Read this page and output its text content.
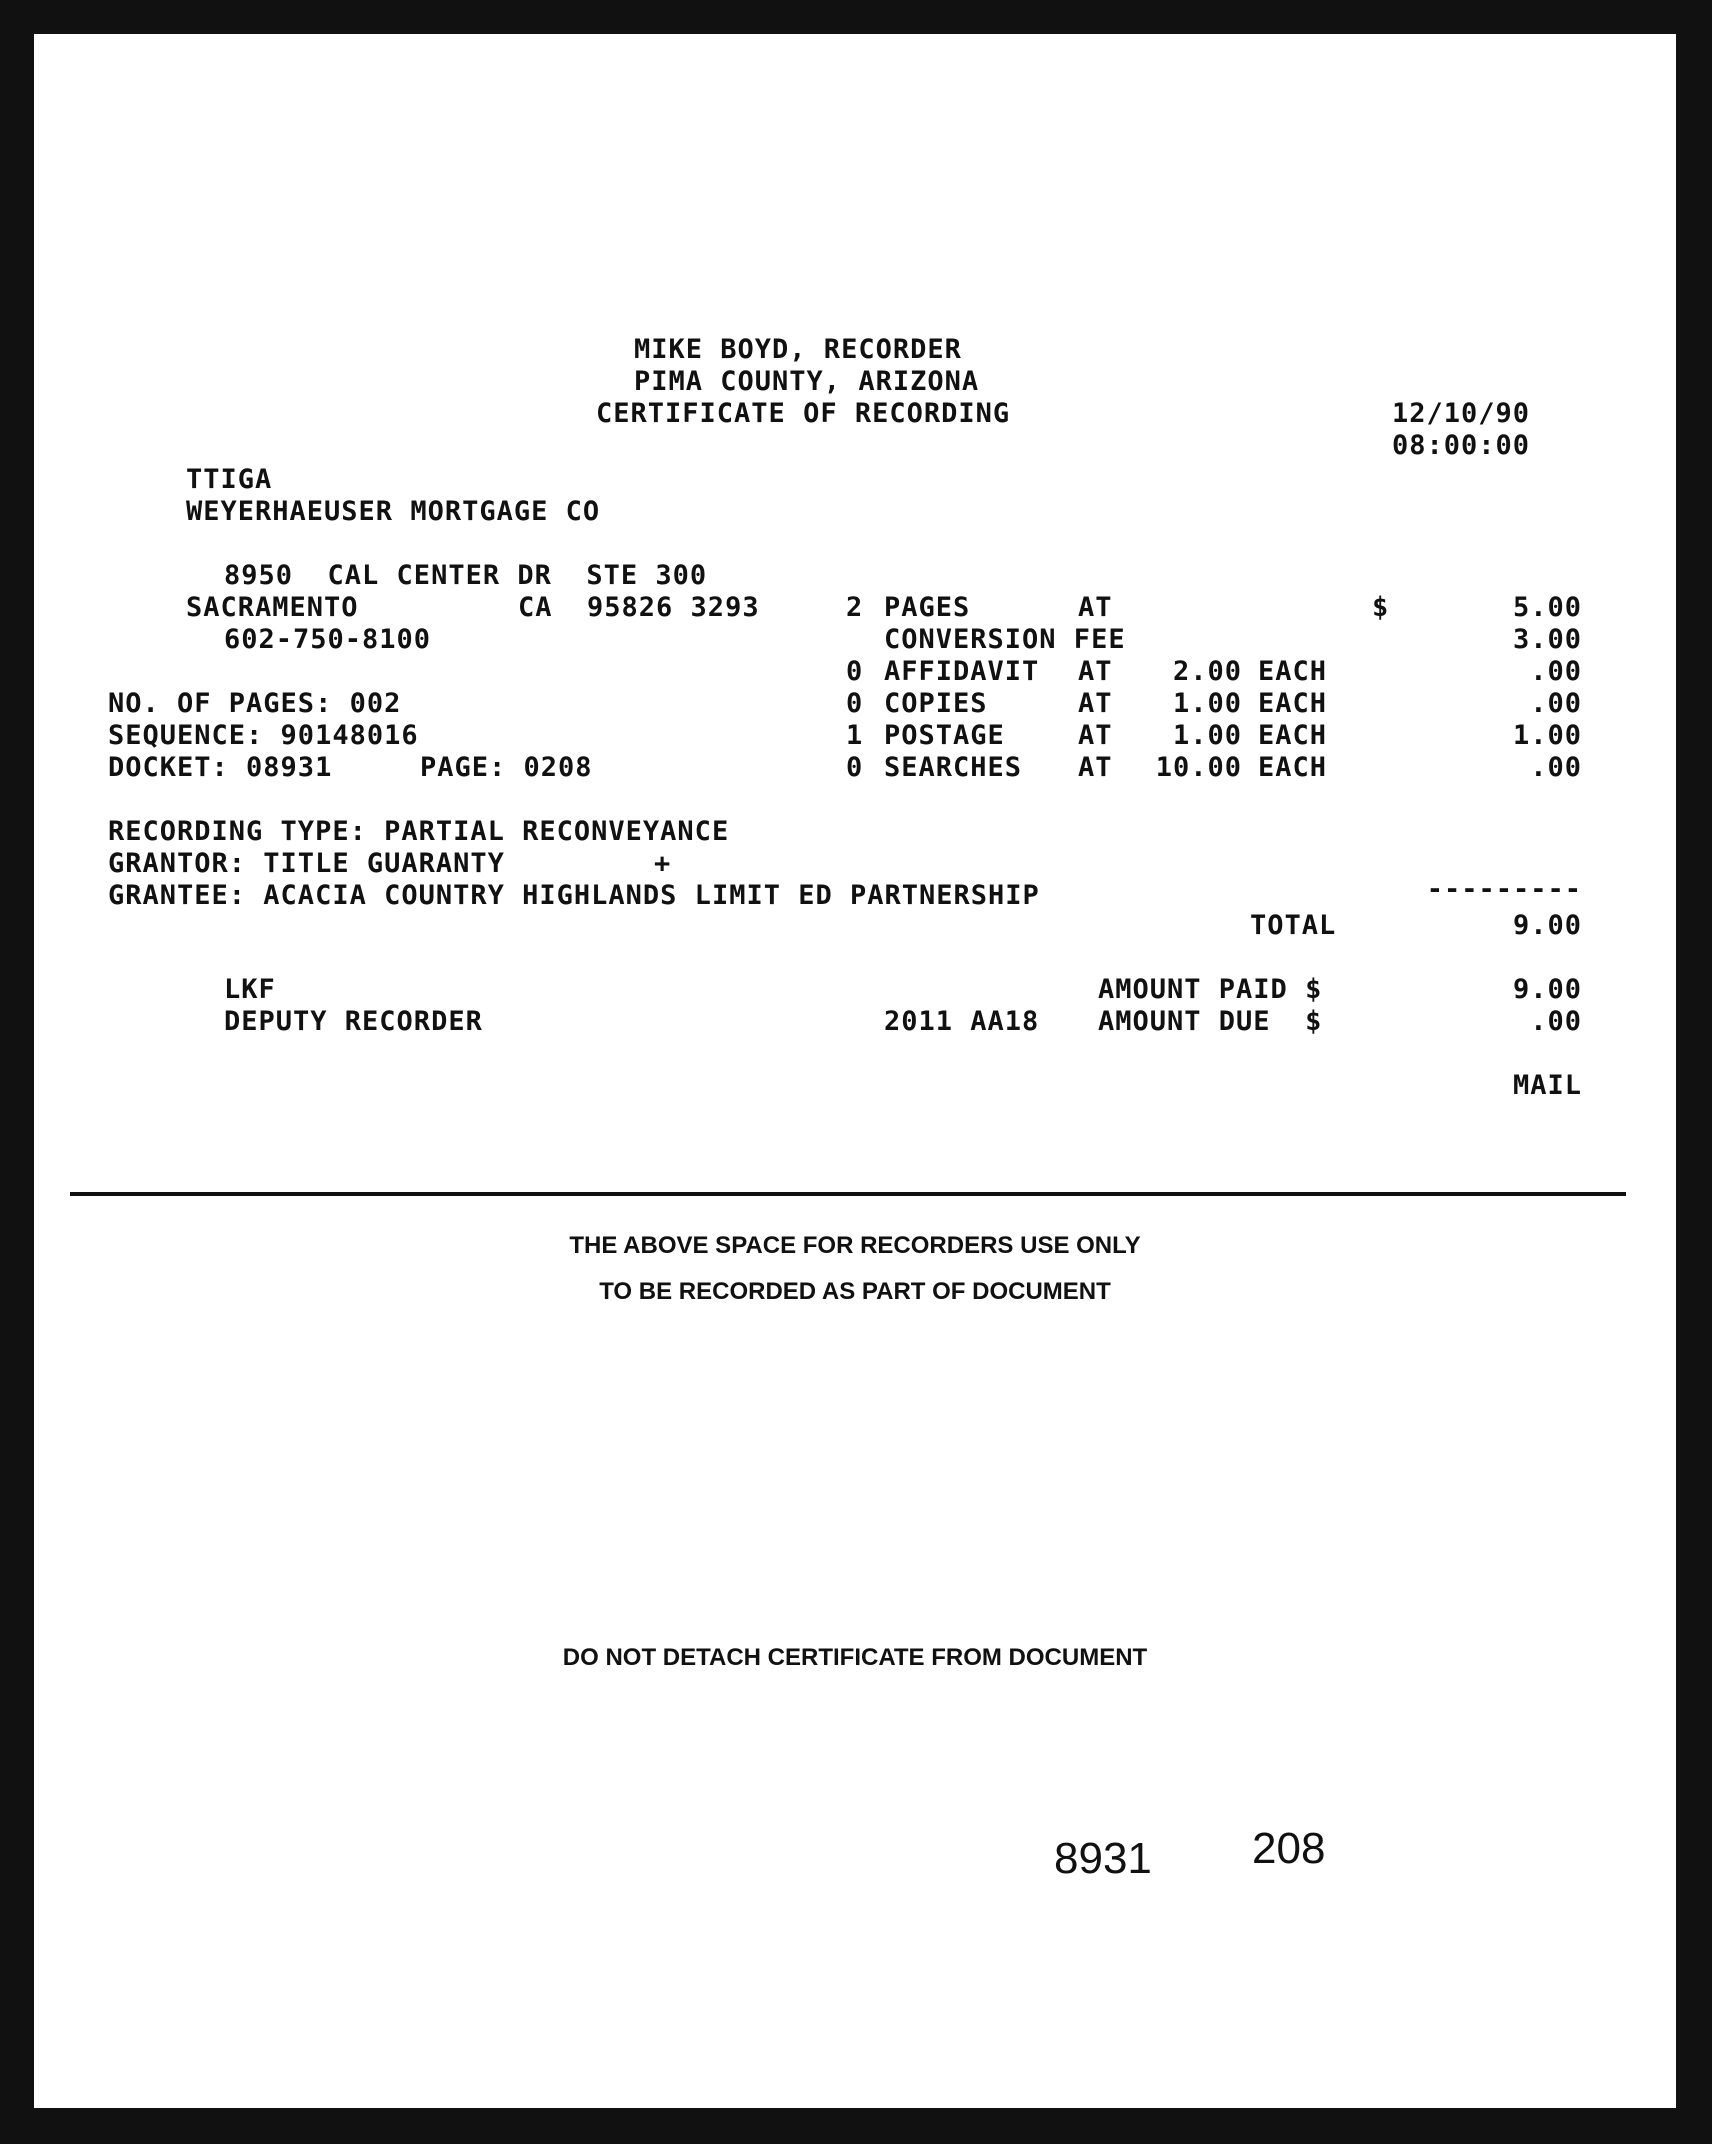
MIKE BOYD, RECORDER
PIMA COUNTY, ARIZONA
CERTIFICATE OF RECORDING	12/10/90
08:00:00
TTIGA
WEYERHAEUSER MORTGAGE CO
8950  CAL CENTER DR  STE 300
SACRAMENTO	CA  95826 3293
602-750-8100
NO. OF PAGES: 002
SEQUENCE: 90148016
DOCKET: 08931	PAGE: 0208
2 PAGES	AT	$	5.00
CONVERSION FEE	3.00
0 AFFIDAVIT AT	2.00 EACH	.00
0 COPIES	AT	1.00 EACH	.00
1 POSTAGE	AT	1.00 EACH	1.00
0 SEARCHES AT	10.00 EACH	.00
RECORDING TYPE: PARTIAL RECONVEYANCE
GRANTOR: TITLE GUARANTY	+
GRANTEE: ACACIA COUNTRY HIGHLANDS LIMIT ED PARTNERSHIP	---------
TOTAL	9.00
LKF	AMOUNT PAID $	9.00
DEPUTY RECORDER	2011 AA18 AMOUNT DUE  $	.00
MAIL
THE ABOVE SPACE FOR RECORDERS USE ONLY
TO BE RECORDED AS PART OF DOCUMENT
DO NOT DETACH CERTIFICATE FROM DOCUMENT
8931 208
